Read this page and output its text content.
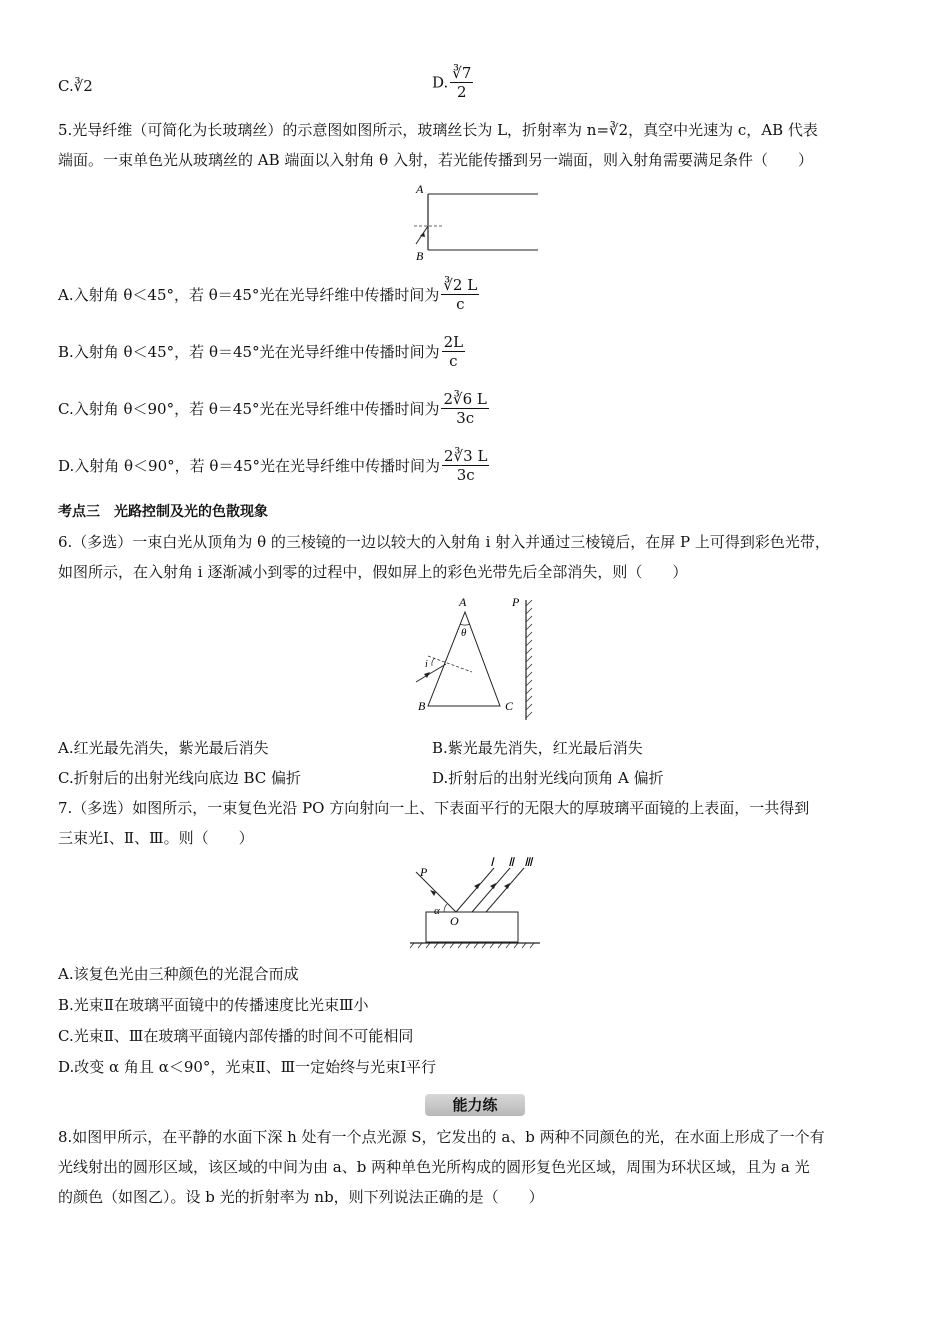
C.∛2	D. $\frac{∛7}{2}$
5.光导纤维（可简化为长玻璃丝）的示意图如图所示，玻璃丝长为 L，折射率为 n=∛2，真空中光速为 c，AB 代表
端面。一束单色光从玻璃丝的 AB 端面以入射角 θ 入射，若光能传播到另一端面，则入射角需要满足条件（　　）
A
B
A.入射角 θ＜45°，若 θ＝45°光在光导纤维中传播时间为 $\frac{∛2 L}{c}$
B.入射角 θ＜45°，若 θ＝45°光在光导纤维中传播时间为 $\frac{2L}{c}$
C.入射角 θ＜90°，若 θ＝45°光在光导纤维中传播时间为 $\frac{2∛6 L}{3c}$
D.入射角 θ＜90°，若 θ＝45°光在光导纤维中传播时间为 $\frac{2∛3 L}{3c}$
考点三　光路控制及光的色散现象
6.（多选）一束白光从顶角为 θ 的三棱镜的一边以较大的入射角 i 射入并通过三棱镜后，在屏 P 上可得到彩色光带，
如图所示，在入射角 i 逐渐减小到零的过程中，假如屏上的彩色光带先后全部消失，则（　　）
A
B	C
P
θ
i
A.红光最先消失，紫光最后消失	B.紫光最先消失，红光最后消失
C.折射后的出射光线向底边 BC 偏折	D.折射后的出射光线向顶角 A 偏折
7.（多选）如图所示，一束复色光沿 PO 方向射向一上、下表面平行的无限大的厚玻璃平面镜的上表面，一共得到
三束光Ⅰ、Ⅱ、Ⅲ。则（　　）
P
O
α
Ⅰ Ⅱ Ⅲ
A.该复色光由三种颜色的光混合而成
B.光束Ⅱ在玻璃平面镜中的传播速度比光束Ⅲ小
C.光束Ⅱ、Ⅲ在玻璃平面镜内部传播的时间不可能相同
D.改变 α 角且 α＜90°，光束Ⅱ、Ⅲ一定始终与光束Ⅰ平行
能力练
8.如图甲所示，在平静的水面下深 h 处有一个点光源 S，它发出的 a、b 两种不同颜色的光，在水面上形成了一个有
光线射出的圆形区域，该区域的中间为由 a、b 两种单色光所构成的圆形复色光区域，周围为环状区域，且为 a 光
的颜色（如图乙）。设 b 光的折射率为 nb，则下列说法正确的是（　　）
